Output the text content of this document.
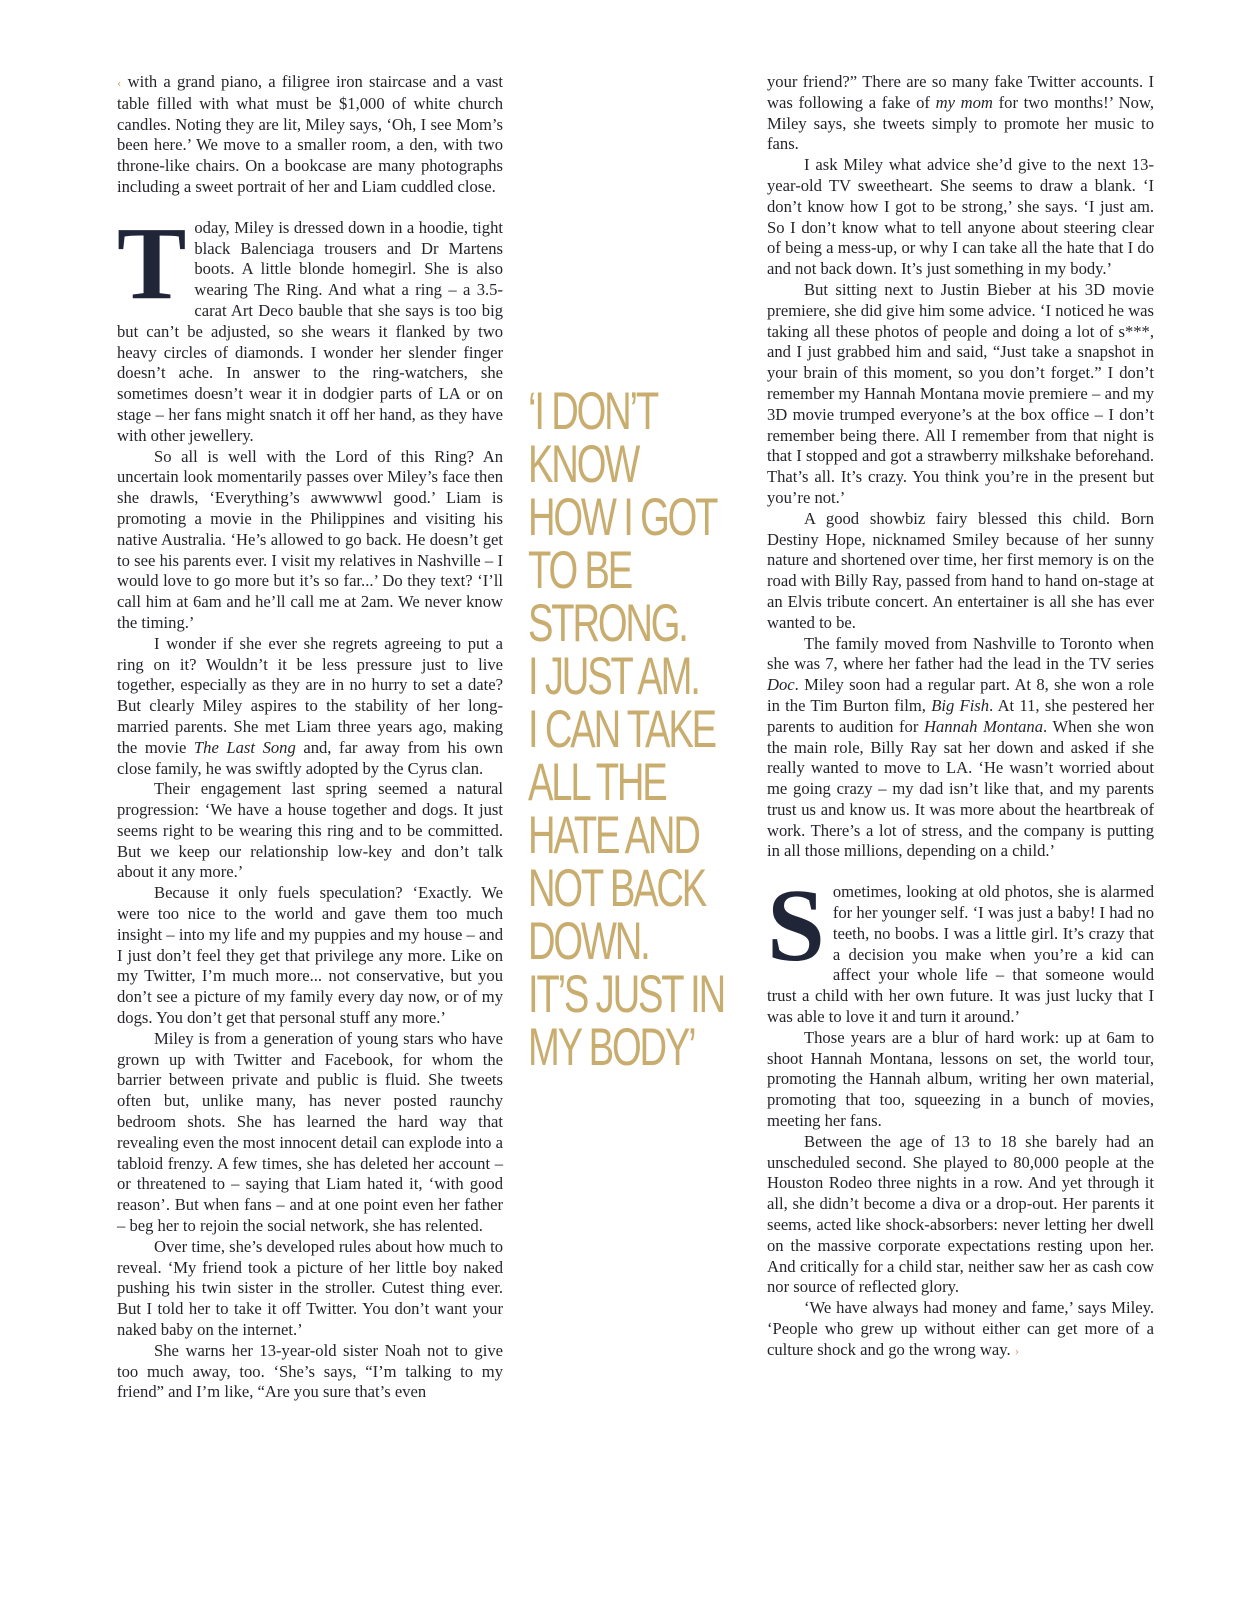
‹ with a grand piano, a filigree iron staircase and a vast table filled with what must be $1,000 of white church candles. Noting they are lit, Miley says, ‘Oh, I see Mom’s been here.’ We move to a smaller room, a den, with two throne-like chairs. On a bookcase are many photographs including a sweet portrait of her and Liam cuddled close.

Today, Miley is dressed down in a hoodie, tight black Balenciaga trousers and Dr Martens boots. A little blonde homegirl. She is also wearing The Ring. And what a ring – a 3.5-carat Art Deco bauble that she says is too big but can’t be adjusted, so she wears it flanked by two heavy circles of diamonds. I wonder her slender finger doesn’t ache. In answer to the ring-watchers, she sometimes doesn’t wear it in dodgier parts of LA or on stage – her fans might snatch it off her hand, as they have with other jewellery.

So all is well with the Lord of this Ring? An uncertain look momentarily passes over Miley’s face then she drawls, ‘Everything’s awwwwwl good.’ Liam is promoting a movie in the Philippines and visiting his native Australia. ‘He’s allowed to go back. He doesn’t get to see his parents ever. I visit my relatives in Nashville – I would love to go more but it’s so far...’ Do they text? ‘I’ll call him at 6am and he’ll call me at 2am. We never know the timing.’

I wonder if she ever she regrets agreeing to put a ring on it? Wouldn’t it be less pressure just to live together, especially as they are in no hurry to set a date? But clearly Miley aspires to the stability of her long-married parents. She met Liam three years ago, making the movie The Last Song and, far away from his own close family, he was swiftly adopted by the Cyrus clan.

Their engagement last spring seemed a natural progression: ‘We have a house together and dogs. It just seems right to be wearing this ring and to be committed. But we keep our relationship low-key and don’t talk about it any more.’

Because it only fuels speculation? ‘Exactly. We were too nice to the world and gave them too much insight – into my life and my puppies and my house – and I just don’t feel they get that privilege any more. Like on my Twitter, I’m much more... not conservative, but you don’t see a picture of my family every day now, or of my dogs. You don’t get that personal stuff any more.’

Miley is from a generation of young stars who have grown up with Twitter and Facebook, for whom the barrier between private and public is fluid. She tweets often but, unlike many, has never posted raunchy bedroom shots. She has learned the hard way that revealing even the most innocent detail can explode into a tabloid frenzy. A few times, she has deleted her account – or threatened to – saying that Liam hated it, ‘with good reason’. But when fans – and at one point even her father – beg her to rejoin the social network, she has relented.

Over time, she’s developed rules about how much to reveal. ‘My friend took a picture of her little boy naked pushing his twin sister in the stroller. Cutest thing ever. But I told her to take it off Twitter. You don’t want your naked baby on the internet.’

She warns her 13-year-old sister Noah not to give too much away, too. ‘She’s says, “I’m talking to my friend” and I’m like, “Are you sure that’s even

‘I DON’T
KNOW
HOW I GOT
TO BE
STRONG.
I JUST AM.
I CAN TAKE
ALL THE
HATE AND
NOT BACK
DOWN.
IT’S JUST IN
MY BODY’

your friend?” There are so many fake Twitter accounts. I was following a fake of my mom for two months!’ Now, Miley says, she tweets simply to promote her music to fans.

I ask Miley what advice she’d give to the next 13-year-old TV sweetheart. She seems to draw a blank. ‘I don’t know how I got to be strong,’ she says. ‘I just am. So I don’t know what to tell anyone about steering clear of being a mess-up, or why I can take all the hate that I do and not back down. It’s just something in my body.’

But sitting next to Justin Bieber at his 3D movie premiere, she did give him some advice. ‘I noticed he was taking all these photos of people and doing a lot of s***, and I just grabbed him and said, “Just take a snapshot in your brain of this moment, so you don’t forget.” I don’t remember my Hannah Montana movie premiere – and my 3D movie trumped everyone’s at the box office – I don’t remember being there. All I remember from that night is that I stopped and got a strawberry milkshake beforehand. That’s all. It’s crazy. You think you’re in the present but you’re not.’

A good showbiz fairy blessed this child. Born Destiny Hope, nicknamed Smiley because of her sunny nature and shortened over time, her first memory is on the road with Billy Ray, passed from hand to hand on-stage at an Elvis tribute concert. An entertainer is all she has ever wanted to be.

The family moved from Nashville to Toronto when she was 7, where her father had the lead in the TV series Doc. Miley soon had a regular part. At 8, she won a role in the Tim Burton film, Big Fish. At 11, she pestered her parents to audition for Hannah Montana. When she won the main role, Billy Ray sat her down and asked if she really wanted to move to LA. ‘He wasn’t worried about me going crazy – my dad isn’t like that, and my parents trust us and know us. It was more about the heartbreak of work. There’s a lot of stress, and the company is putting in all those millions, depending on a child.’

Sometimes, looking at old photos, she is alarmed for her younger self. ‘I was just a baby! I had no teeth, no boobs. I was a little girl. It’s crazy that a decision you make when you’re a kid can affect your whole life – that someone would trust a child with her own future. It was just lucky that I was able to love it and turn it around.’

Those years are a blur of hard work: up at 6am to shoot Hannah Montana, lessons on set, the world tour, promoting the Hannah album, writing her own material, promoting that too, squeezing in a bunch of movies, meeting her fans.

Between the age of 13 to 18 she barely had an unscheduled second. She played to 80,000 people at the Houston Rodeo three nights in a row. And yet through it all, she didn’t become a diva or a drop-out. Her parents it seems, acted like shock-absorbers: never letting her dwell on the massive corporate expectations resting upon her. And critically for a child star, neither saw her as cash cow nor source of reflected glory.

‘We have always had money and fame,’ says Miley. ‘People who grew up without either can get more of a culture shock and go the wrong way. ›
